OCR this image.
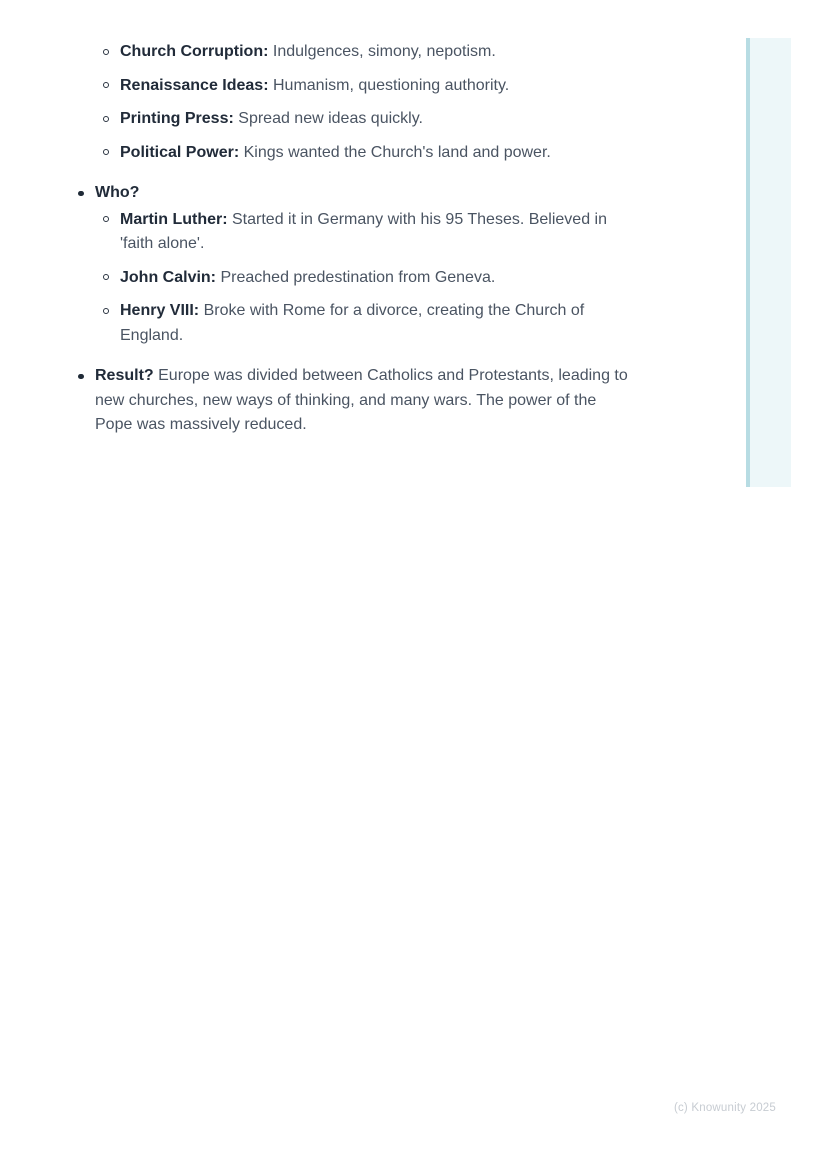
Church Corruption: Indulgences, simony, nepotism.
Renaissance Ideas: Humanism, questioning authority.
Printing Press: Spread new ideas quickly.
Political Power: Kings wanted the Church's land and power.
Who?
Martin Luther: Started it in Germany with his 95 Theses. Believed in 'faith alone'.
John Calvin: Preached predestination from Geneva.
Henry VIII: Broke with Rome for a divorce, creating the Church of England.
Result? Europe was divided between Catholics and Protestants, leading to new churches, new ways of thinking, and many wars. The power of the Pope was massively reduced.
(c) Knowunity 2025
